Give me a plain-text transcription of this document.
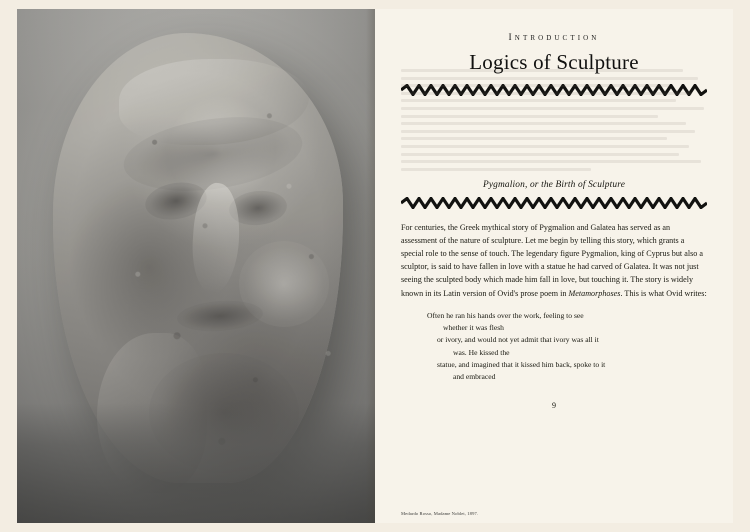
Introduction
Logics of Sculpture
Pygmalion, or the Birth of Sculpture

For centuries, the Greek mythical story of Pygmalion and Galatea has served as an assessment of the nature of sculpture. Let me begin by telling this story, which grants a special role to the sense of touch. The legendary figure Pygmalion, king of Cyprus but also a sculptor, is said to have fallen in love with a statue he had carved of Galatea. It was not just seeing the sculpted body which made him fall in love, but touching it. The story is widely known in its Latin version of Ovid's prose poem in Metamorphoses. This is what Ovid writes:

Often he ran his hands over the work, feeling to see
whether it was flesh
or ivory, and would not yet admit that ivory was all it
was. He kissed the
statue, and imagined that it kissed him back, spoke to it
and embraced
9
Medardo Rosso, Madame Noblet, 1897.
